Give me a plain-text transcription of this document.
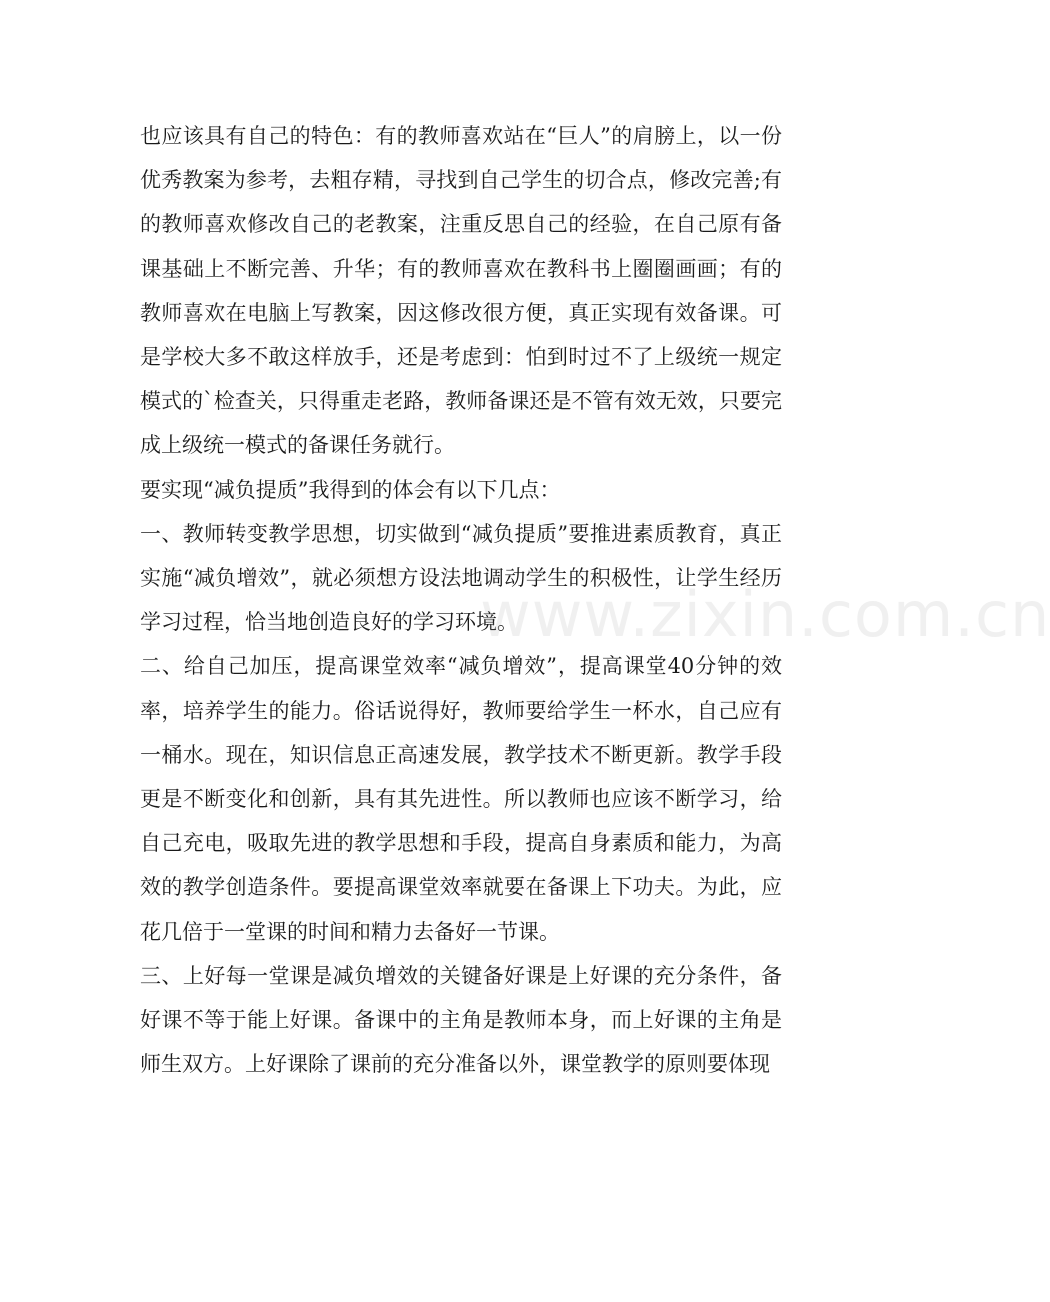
也应该具有自己的特色：有的教师喜欢站在“巨人”的肩膀上，以一份优秀教案为参考，去粗存精，寻找到自己学生的切合点，修改完善;有的教师喜欢修改自己的老教案，注重反思自己的经验，在自己原有备课基础上不断完善、升华；有的教师喜欢在教科书上圈圈画画；有的教师喜欢在电脑上写教案，因这修改很方便，真正实现有效备课。可是学校大多不敢这样放手，还是考虑到：怕到时过不了上级统一规定模式的`检查关，只得重走老路，教师备课还是不管有效无效，只要完成上级统一模式的备课任务就行。

要实现“减负提质”我得到的体会有以下几点：

一、教师转变教学思想，切实做到“减负提质”要推进素质教育，真正实施“减负增效”，就必须想方设法地调动学生的积极性，让学生经历学习过程，恰当地创造良好的学习环境。

二、给自己加压，提高课堂效率“减负增效”，提高课堂40分钟的效率，培养学生的能力。俗话说得好，教师要给学生一杯水，自己应有一桶水。现在，知识信息正高速发展，教学技术不断更新。教学手段更是不断变化和创新，具有其先进性。所以教师也应该不断学习，给自己充电，吸取先进的教学思想和手段，提高自身素质和能力，为高效的教学创造条件。要提高课堂效率就要在备课上下功夫。为此，应花几倍于一堂课的时间和精力去备好一节课。

三、上好每一堂课是减负增效的关键备好课是上好课的充分条件，备好课不等于能上好课。备课中的主角是教师本身，而上好课的主角是师生双方。上好课除了课前的充分准备以外，课堂教学的原则要体现

www.zixin.com.cn
